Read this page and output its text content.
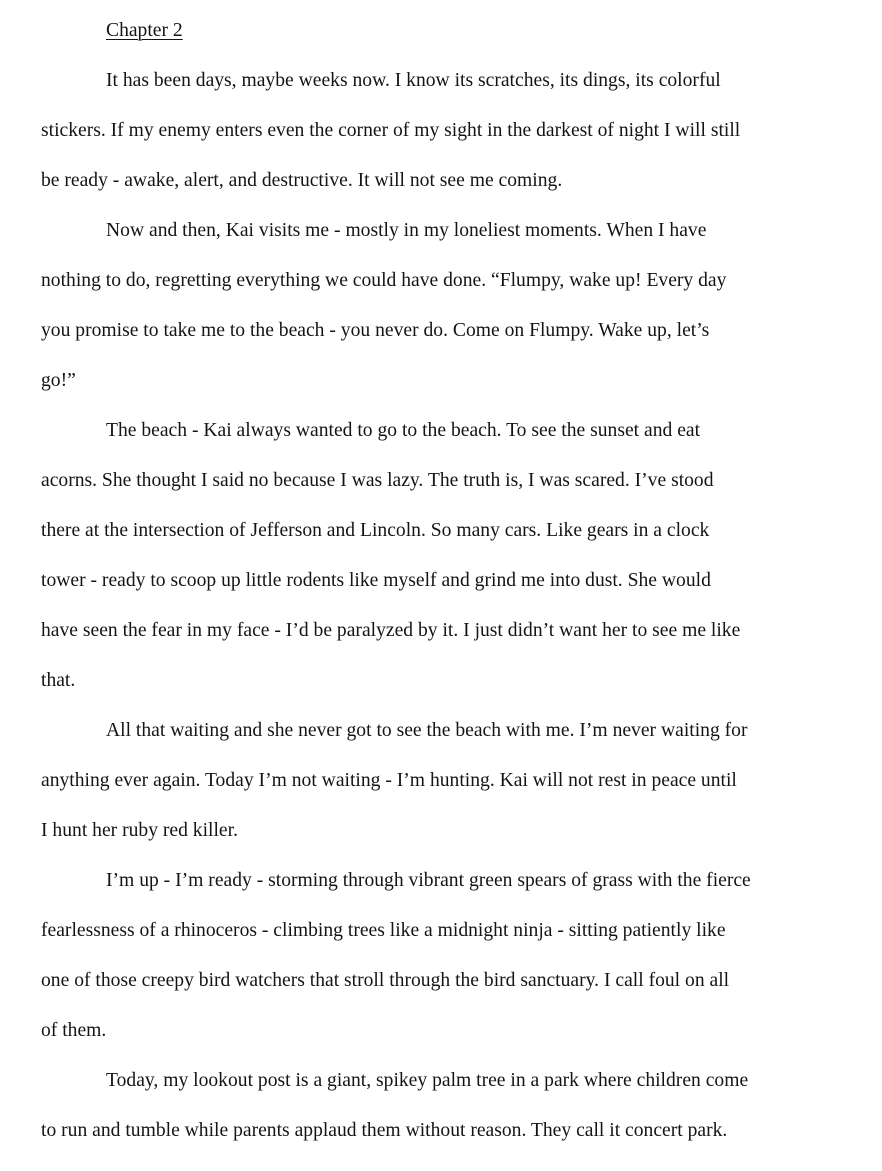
Chapter 2
It has been days, maybe weeks now. I know its scratches, its dings, its colorful
stickers. If my enemy enters even the corner of my sight in the darkest of night I will still
be ready - awake, alert, and destructive. It will not see me coming.
Now and then, Kai visits me - mostly in my loneliest moments. When I have
nothing to do, regretting everything we could have done. “Flumpy, wake up! Every day
you promise to take me to the beach - you never do. Come on Flumpy. Wake up, let’s
go!”
The beach - Kai always wanted to go to the beach. To see the sunset and eat
acorns. She thought I said no because I was lazy. The truth is, I was scared. I’ve stood
there at the intersection of Jefferson and Lincoln. So many cars. Like gears in a clock
tower - ready to scoop up little rodents like myself and grind me into dust. She would
have seen the fear in my face - I’d be paralyzed by it. I just didn’t want her to see me like
that.
All that waiting and she never got to see the beach with me. I’m never waiting for
anything ever again. Today I’m not waiting - I’m hunting. Kai will not rest in peace until
I hunt her ruby red killer.
I’m up - I’m ready - storming through vibrant green spears of grass with the fierce
fearlessness of a rhinoceros - climbing trees like a midnight ninja - sitting patiently like
one of those creepy bird watchers that stroll through the bird sanctuary. I call foul on all
of them.
Today, my lookout post is a giant, spikey palm tree in a park where children come
to run and tumble while parents applaud them without reason. They call it concert park.
